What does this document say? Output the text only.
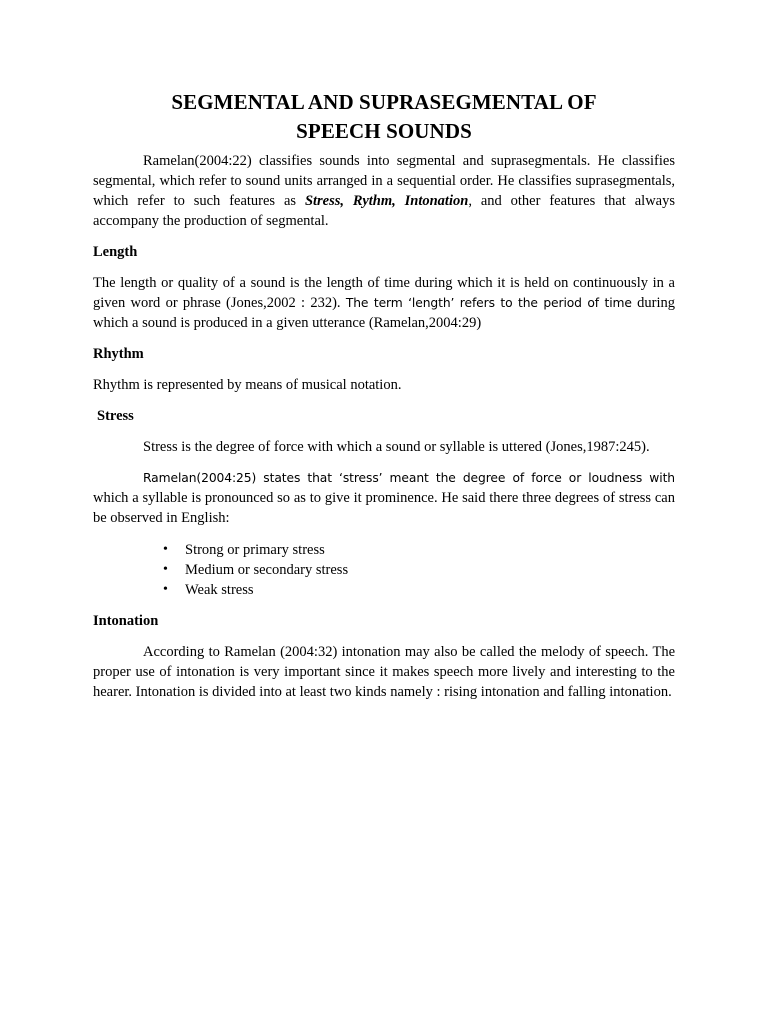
SEGMENTAL AND SUPRASEGMENTAL OF
SPEECH SOUNDS

Ramelan(2004:22) classifies sounds into segmental and suprasegmentals. He classifies segmental, which refer to sound units arranged in a sequential order. He classifies suprasegmentals, which refer to such features as Stress, Rythm, Intonation, and other features that always accompany the production of segmental.

Length

The length or quality of a sound is the length of time during which it is held on continuously in a given word or phrase (Jones,2002 : 232). The term ‘length’ refers to the period of time during which a sound is produced in a given utterance (Ramelan,2004:29)

Rhythm

Rhythm is represented by means of musical notation.

Stress

Stress is the degree of force with which a sound or syllable is uttered (Jones,1987:245).

Ramelan(2004:25) states that ‘stress’ meant the degree of force or loudness with which a syllable is pronounced so as to give it prominence. He said there three degrees of stress can be observed in English:

• Strong or primary stress
• Medium or secondary stress
• Weak stress
Intonation

According to Ramelan (2004:32) intonation may also be called the melody of speech. The proper use of intonation is very important since it makes speech more lively and interesting to the hearer. Intonation is divided into at least two kinds namely : rising intonation and falling intonation.
